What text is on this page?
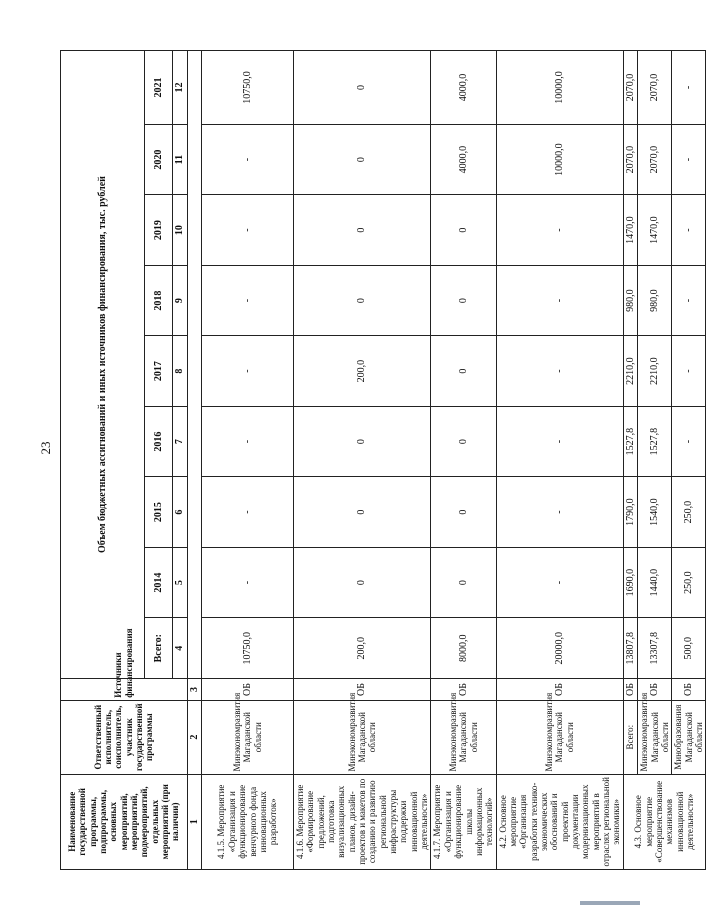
23
Наименование государственной программы, подпрограммы, основных мероприятий, мероприятий, подмероприятий, отдельных мероприятий (при наличии)	Ответственный исполнитель, соисполнитель, участник государственной программы	Источники финансирования	Объем бюджетных ассигнований и иных источников финансирования, тыс. рублей								
			Всего:	2014	2015	2016	2017	2018	2019	2020	2021
			4	5	6	7	8	9	10	11	12
1	2	3									
4.1.5. Мероприятие «Организация и функционирование венчурного фонда инновационных разработок»	Минэкономразвития Магаданской области	ОБ	10750,0	-	-	-	-	-	-	-	10750,0
4.1.6. Мероприятие «Формирование предложений, подготовка визуализационных планов, дизайн-проектов и макетов по созданию и развитию региональной инфраструктуры поддержки инновационной деятельности»	Минэкономразвития Магаданской области	ОБ	200,0	0	0	0	200,0	0	0	0	0
4.1.7. Мероприятие «Организация и функционирование школы информационных технологий»	Минэкономразвития Магаданской области	ОБ	8000,0	0	0	0	0	0	0	4000,0	4000,0
4.2. Основное мероприятие «Организация разработки технико-экономических обоснований и проектной документации модернизационных мероприятий в отраслях региональной экономики»	Минэкономразвития Магаданской области	ОБ	20000,0	-	-	-	-	-	-	10000,0	10000,0
4.3. Основное мероприятие «Совершенствование механизмов инновационной деятельности»	Всего:	ОБ	13807,8	1690,0	1790,0	1527,8	2210,0	980,0	1470,0	2070,0	2070,0
	Минэкономразвития Магаданской области	ОБ	13307,8	1440,0	1540,0	1527,8	2210,0	980,0	1470,0	2070,0	2070,0
	Минобразования Магаданской области	ОБ	500,0	250,0	250,0	-	-	-	-	-	-
